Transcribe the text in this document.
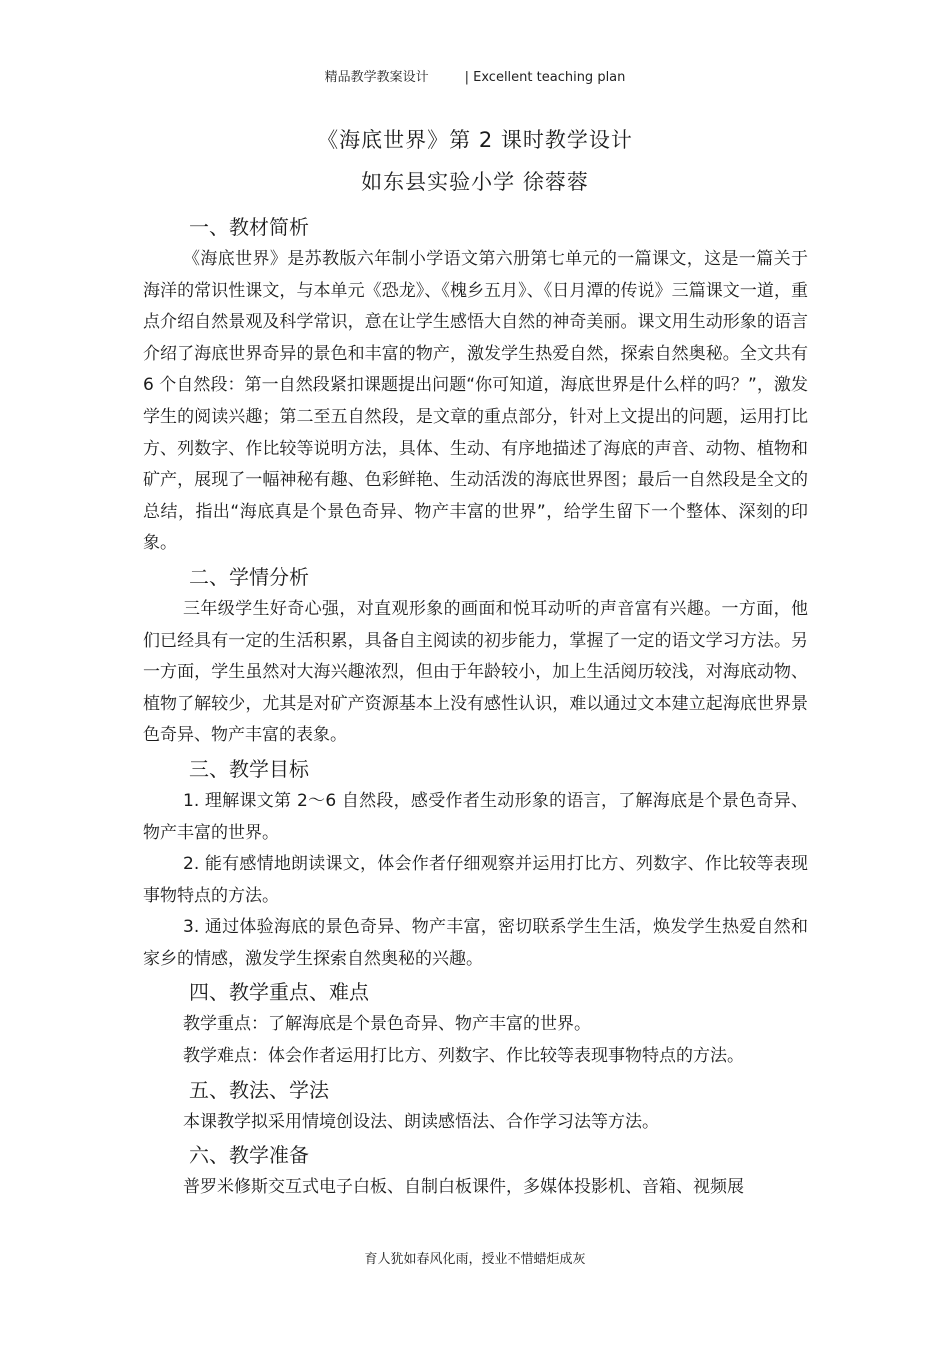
精品教学教案设计	| Excellent teaching plan
《海底世界》第 2 课时教学设计
如东县实验小学 徐蓉蓉
一、教材简析

《海底世界》是苏教版六年制小学语文第六册第七单元的一篇课文，这是一篇关于海洋的常识性课文，与本单元《恐龙》、《槐乡五月》、《日月潭的传说》三篇课文一道，重点介绍自然景观及科学常识，意在让学生感悟大自然的神奇美丽。课文用生动形象的语言介绍了海底世界奇异的景色和丰富的物产，激发学生热爱自然，探索自然奥秘。全文共有 6 个自然段：第一自然段紧扣课题提出问题“你可知道，海底世界是什么样的吗？”，激发学生的阅读兴趣；第二至五自然段，是文章的重点部分，针对上文提出的问题，运用打比方、列数字、作比较等说明方法，具体、生动、有序地描述了海底的声音、动物、植物和矿产，展现了一幅神秘有趣、色彩鲜艳、生动活泼的海底世界图；最后一自然段是全文的总结，指出“海底真是个景色奇异、物产丰富的世界”，给学生留下一个整体、深刻的印象。

二、学情分析

三年级学生好奇心强，对直观形象的画面和悦耳动听的声音富有兴趣。一方面，他们已经具有一定的生活积累，具备自主阅读的初步能力，掌握了一定的语文学习方法。另一方面，学生虽然对大海兴趣浓烈，但由于年龄较小，加上生活阅历较浅，对海底动物、植物了解较少，尤其是对矿产资源基本上没有感性认识，难以通过文本建立起海底世界景色奇异、物产丰富的表象。

三、教学目标

1. 理解课文第 2～6 自然段，感受作者生动形象的语言，了解海底是个景色奇异、物产丰富的世界。

2. 能有感情地朗读课文，体会作者仔细观察并运用打比方、列数字、作比较等表现事物特点的方法。

3. 通过体验海底的景色奇异、物产丰富，密切联系学生生活，焕发学生热爱自然和家乡的情感，激发学生探索自然奥秘的兴趣。

四、教学重点、难点

教学重点：了解海底是个景色奇异、物产丰富的世界。

教学难点：体会作者运用打比方、列数字、作比较等表现事物特点的方法。

五、教法、学法

本课教学拟采用情境创设法、朗读感悟法、合作学习法等方法。

六、教学准备

普罗米修斯交互式电子白板、自制白板课件，多媒体投影机、音箱、视频展

育人犹如春风化雨，授业不惜蜡炬成灰
